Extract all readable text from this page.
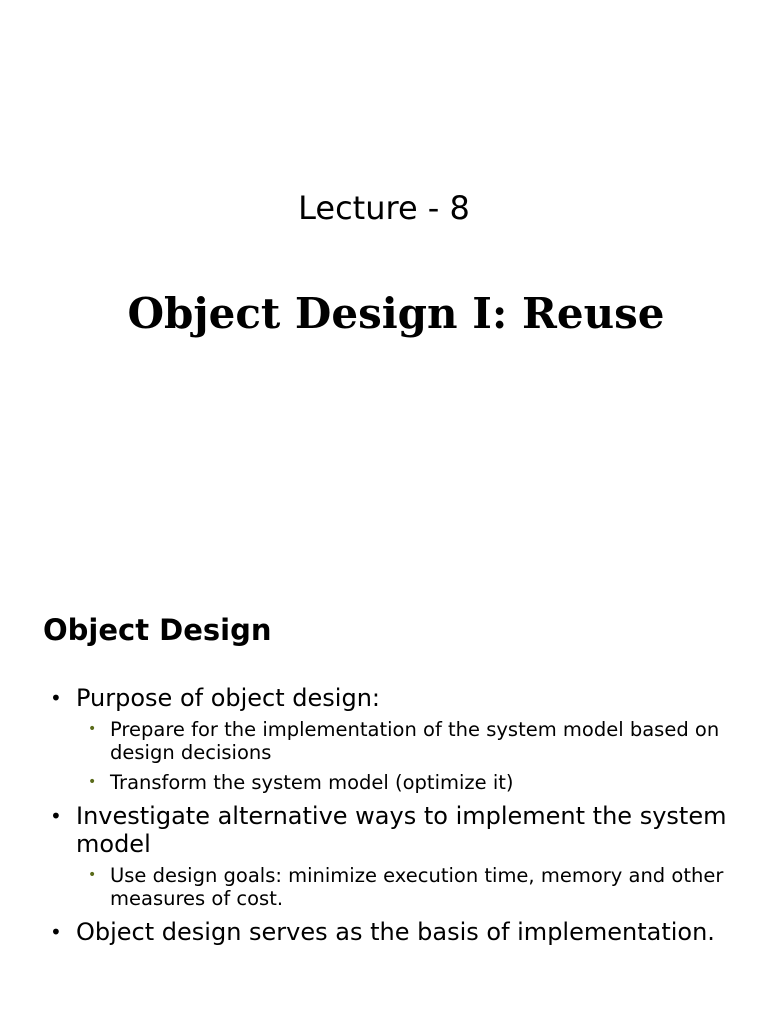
Lecture - 8
Object Design I: Reuse
Object Design
• Purpose of object design:
• Prepare for the implementation of the system model based on design decisions
• Transform the system model (optimize it)
• Investigate alternative ways to implement the system model
• Use design goals: minimize execution time, memory and other measures of cost.
• Object design serves as the basis of implementation.
